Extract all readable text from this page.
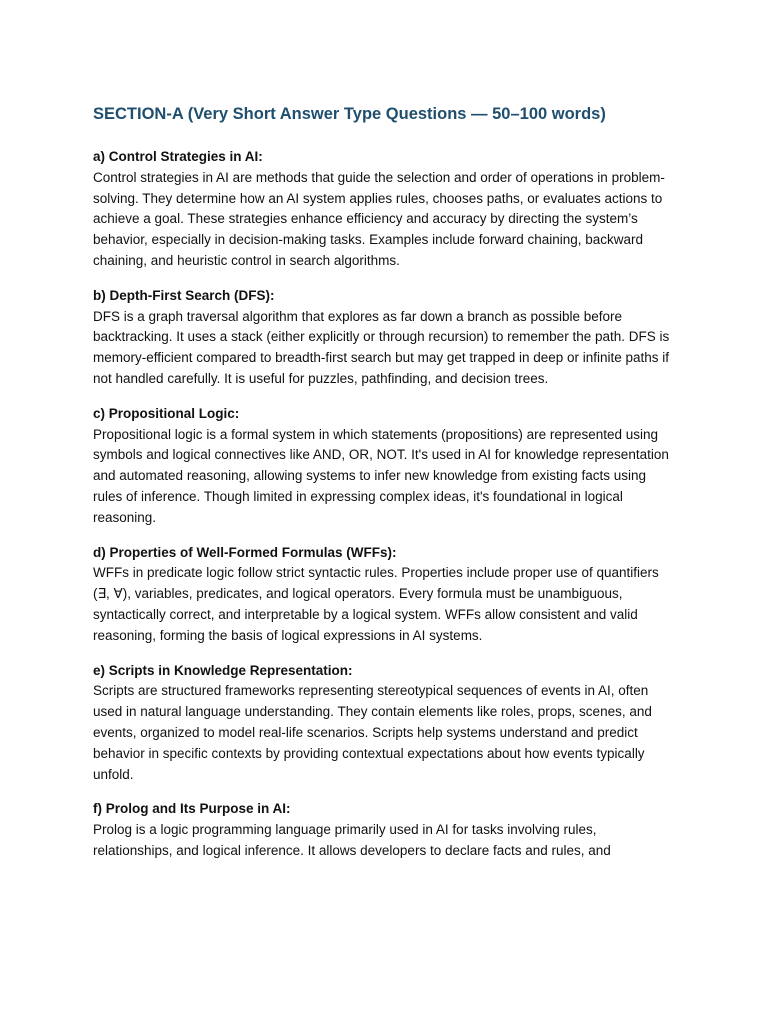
SECTION-A (Very Short Answer Type Questions — 50–100 words)

a) Control Strategies in AI:

Control strategies in AI are methods that guide the selection and order of operations in problem-solving. They determine how an AI system applies rules, chooses paths, or evaluates actions to achieve a goal. These strategies enhance efficiency and accuracy by directing the system’s behavior, especially in decision-making tasks. Examples include forward chaining, backward chaining, and heuristic control in search algorithms.

b) Depth-First Search (DFS):

DFS is a graph traversal algorithm that explores as far down a branch as possible before backtracking. It uses a stack (either explicitly or through recursion) to remember the path. DFS is memory-efficient compared to breadth-first search but may get trapped in deep or infinite paths if not handled carefully. It is useful for puzzles, pathfinding, and decision trees.

c) Propositional Logic:

Propositional logic is a formal system in which statements (propositions) are represented using symbols and logical connectives like AND, OR, NOT. It's used in AI for knowledge representation and automated reasoning, allowing systems to infer new knowledge from existing facts using rules of inference. Though limited in expressing complex ideas, it's foundational in logical reasoning.

d) Properties of Well-Formed Formulas (WFFs):

WFFs in predicate logic follow strict syntactic rules. Properties include proper use of quantifiers (∃, ∀), variables, predicates, and logical operators. Every formula must be unambiguous, syntactically correct, and interpretable by a logical system. WFFs allow consistent and valid reasoning, forming the basis of logical expressions in AI systems.

e) Scripts in Knowledge Representation:

Scripts are structured frameworks representing stereotypical sequences of events in AI, often used in natural language understanding. They contain elements like roles, props, scenes, and events, organized to model real-life scenarios. Scripts help systems understand and predict behavior in specific contexts by providing contextual expectations about how events typically unfold.

f) Prolog and Its Purpose in AI:

Prolog is a logic programming language primarily used in AI for tasks involving rules, relationships, and logical inference. It allows developers to declare facts and rules, and
